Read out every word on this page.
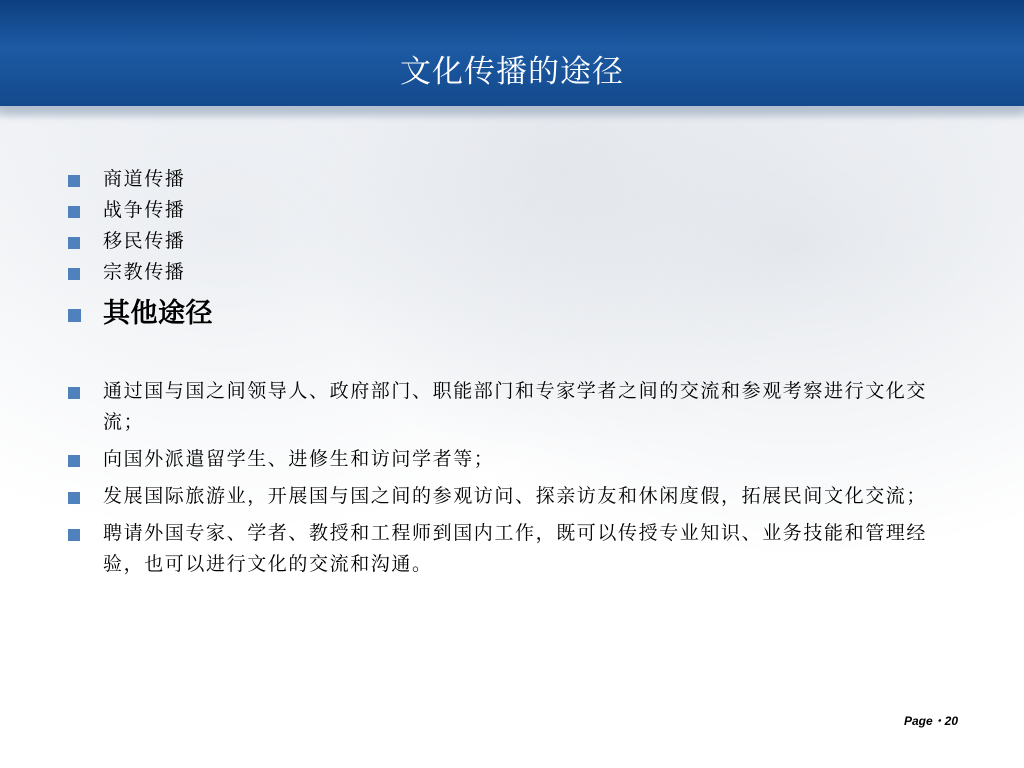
文化传播的途径
商道传播
战争传播
移民传播
宗教传播
其他途径
通过国与国之间领导人、政府部门、职能部门和专家学者之间的交流和参观考察进行文化交流；
向国外派遣留学生、进修生和访问学者等；
发展国际旅游业，开展国与国之间的参观访问、探亲访友和休闲度假，拓展民间文化交流；
聘请外国专家、学者、教授和工程师到国内工作，既可以传授专业知识、业务技能和管理经验，也可以进行文化的交流和沟通。
Page・20
